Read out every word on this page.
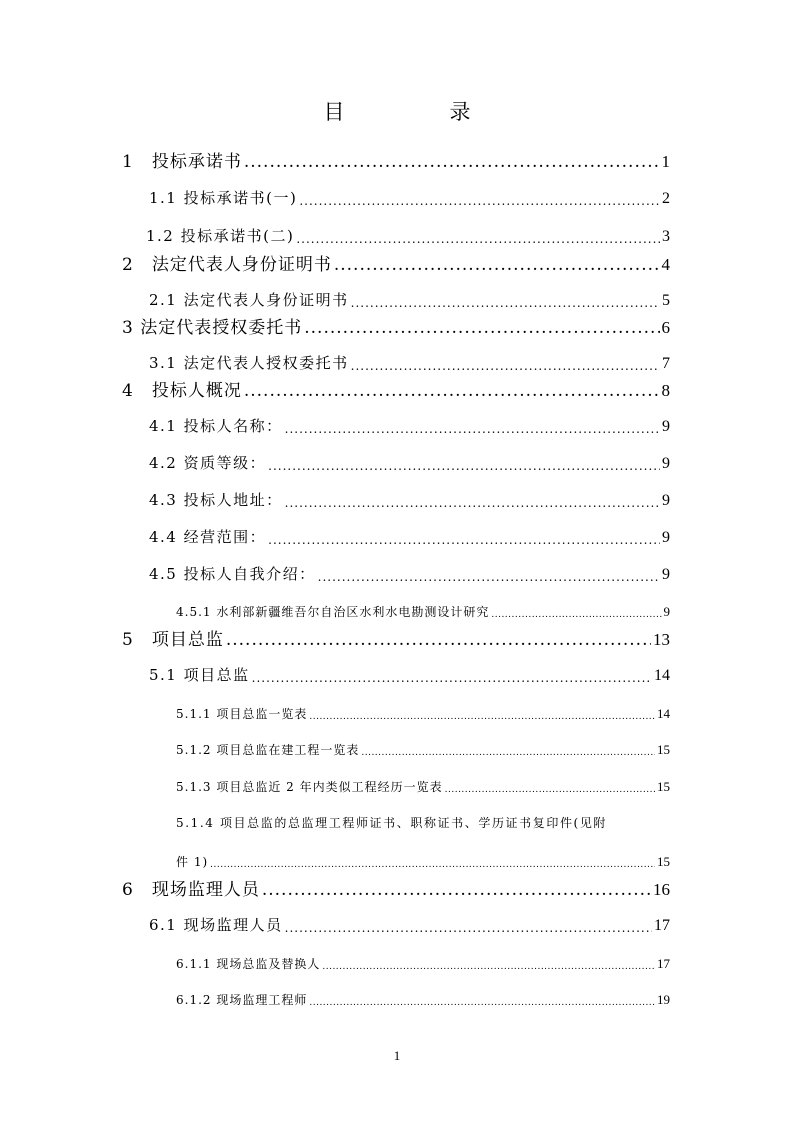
目　录
1　投标承诺书 .....	1
1.1 投标承诺书(一) .....	2
1.2 投标承诺书(二) .....	3
2　法定代表人身份证明书 .....	4
2.1 法定代表人身份证明书 .....	5
3 法定代表授权委托书 .....	6
3.1 法定代表人授权委托书 .....	7
4　投标人概况 .....	8
4.1 投标人名称： .....	9
4.2 资质等级： .....	9
4.3 投标人地址： .....	9
4.4 经营范围： .....	9
4.5 投标人自我介绍： .....	9
4.5.1 水利部新疆维吾尔自治区水利水电勘测设计研究 .....	9
5　项目总监 .....	13
5.1 项目总监 .....	14
5.1.1 项目总监一览表 .....	14
5.1.2 项目总监在建工程一览表 .....	15
5.1.3 项目总监近 2 年内类似工程经历一览表 .....	15
5.1.4 项目总监的总监理工程师证书、职称证书、学历证书复印件(见附
件 1) .....	15
6　现场监理人员 .....	16
6.1 现场监理人员 .....	17
6.1.1 现场总监及替换人 .....	17
6.1.2 现场监理工程师 .....	19
1
